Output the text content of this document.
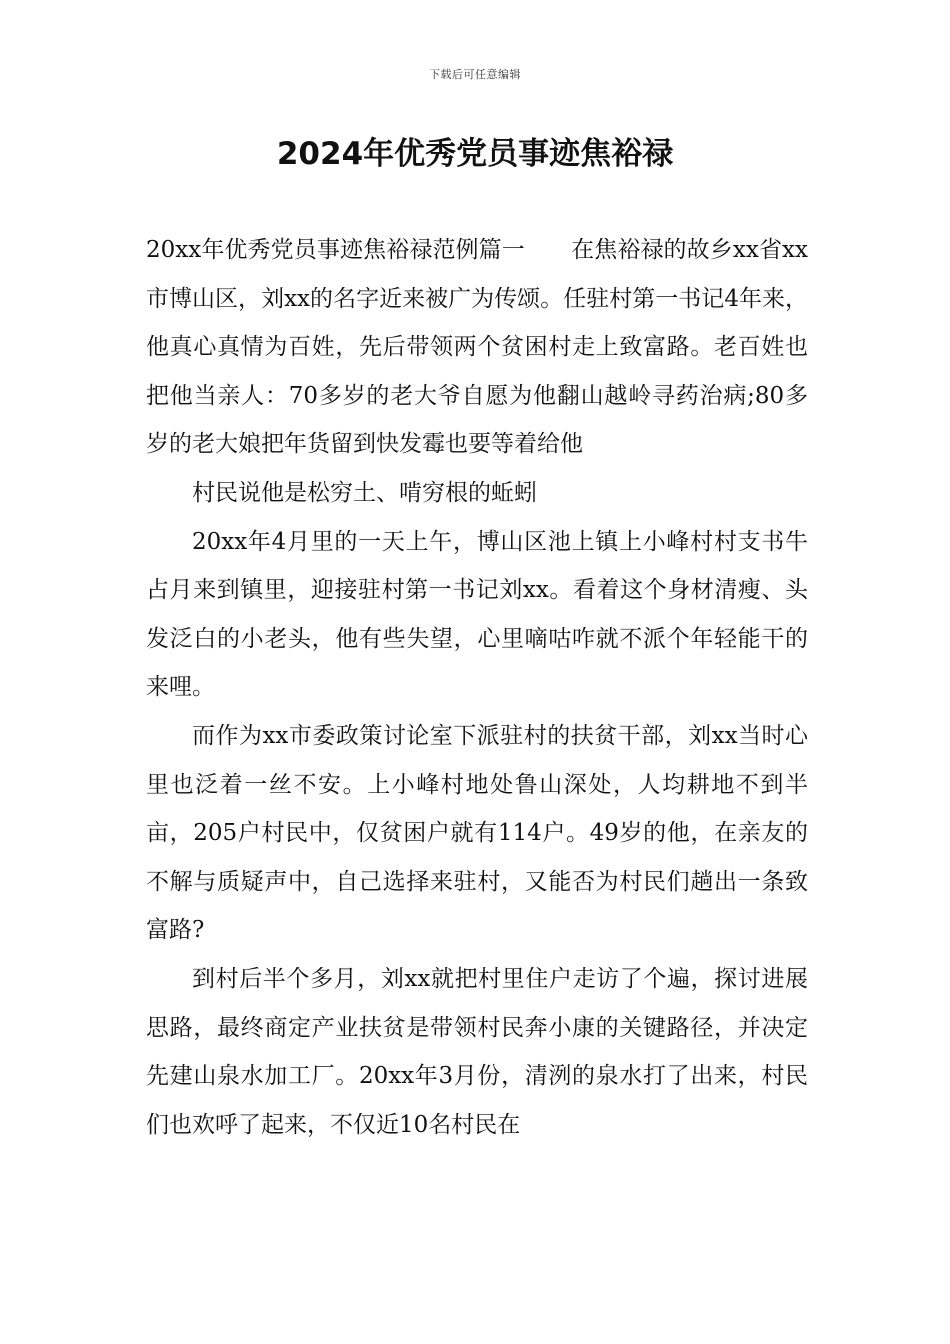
下载后可任意编辑
2024年优秀党员事迹焦裕禄

20xx年优秀党员事迹焦裕禄范例篇一　　在焦裕禄的故乡xx省xx市博山区，刘xx的名字近来被广为传颂。任驻村第一书记4年来，他真心真情为百姓，先后带领两个贫困村走上致富路。老百姓也把他当亲人：70多岁的老大爷自愿为他翻山越岭寻药治病;80多岁的老大娘把年货留到快发霉也要等着给他

村民说他是松穷土、啃穷根的蚯蚓

20xx年4月里的一天上午，博山区池上镇上小峰村村支书牛占月来到镇里，迎接驻村第一书记刘xx。看着这个身材清瘦、头发泛白的小老头，他有些失望，心里嘀咕咋就不派个年轻能干的来哩。

而作为xx市委政策讨论室下派驻村的扶贫干部，刘xx当时心里也泛着一丝不安。上小峰村地处鲁山深处，人均耕地不到半亩，205户村民中，仅贫困户就有114户。49岁的他，在亲友的不解与质疑声中，自己选择来驻村，又能否为村民们趟出一条致富路?

到村后半个多月，刘xx就把村里住户走访了个遍，探讨进展思路，最终商定产业扶贫是带领村民奔小康的关键路径，并决定先建山泉水加工厂。20xx年3月份，清洌的泉水打了出来，村民们也欢呼了起来，不仅近10名村民在
